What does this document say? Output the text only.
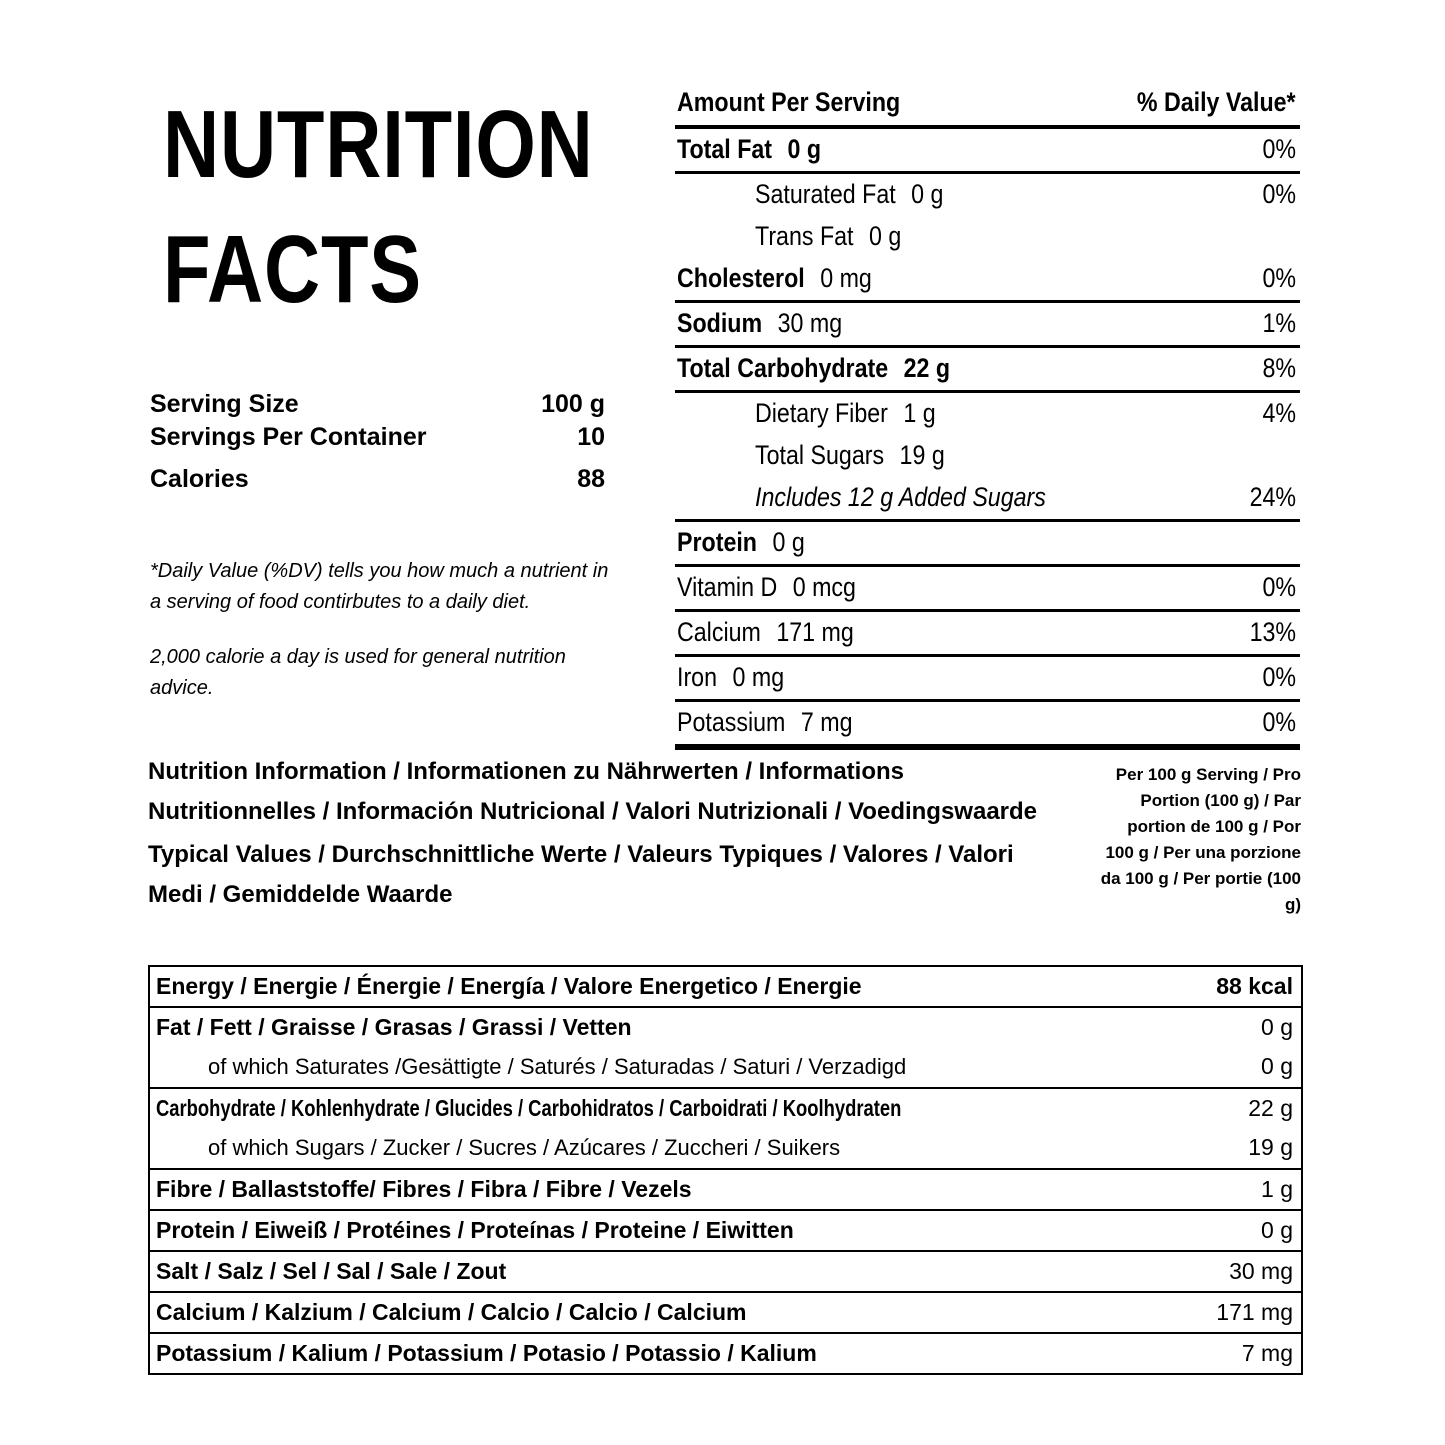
NUTRITION
FACTS
Serving Size	100 g
Servings Per Container	10
Calories	88
*Daily Value (%DV) tells you how much a nutrient in a serving of food contirbutes to a daily diet.
2,000 calorie a day is used for general nutrition advice.
Amount Per Serving	% Daily Value*
Total Fat 0 g	0%
Saturated Fat 0 g	0%
Trans Fat 0 g
Cholesterol 0 mg	0%
Sodium 30 mg	1%
Total Carbohydrate 22 g	8%
Dietary Fiber 1 g	4%
Total Sugars 19 g
Includes 12 g Added Sugars	24%
Protein 0 g
Vitamin D 0 mcg	0%
Calcium 171 mg	13%
Iron 0 mg	0%
Potassium 7 mg	0%
Nutrition Information / Informationen zu Nährwerten / Informations Nutritionnelles / Información Nutricional / Valori Nutrizionali / Voedingswaarde
Typical Values / Durchschnittliche Werte / Valeurs Typiques / Valores / Valori Medi / Gemiddelde Waarde
Per 100 g Serving / Pro Portion (100 g) / Par portion de 100 g / Por 100 g / Per una porzione da 100 g / Per portie (100 g)
Energy / Energie / Énergie / Energía / Valore Energetico / Energie	88 kcal
Fat / Fett / Graisse / Grasas / Grassi / Vetten	0 g
of which Saturates /Gesättigte / Saturés / Saturadas / Saturi / Verzadigd	0 g
Carbohydrate / Kohlenhydrate / Glucides / Carbohidratos / Carboidrati / Koolhydraten	22 g
of which Sugars / Zucker / Sucres / Azúcares / Zuccheri / Suikers	19 g
Fibre / Ballaststoffe/ Fibres / Fibra / Fibre / Vezels	1 g
Protein / Eiweiß / Protéines / Proteínas / Proteine / Eiwitten	0 g
Salt / Salz / Sel / Sal / Sale / Zout	30 mg
Calcium / Kalzium / Calcium / Calcio / Calcio / Calcium	171 mg
Potassium / Kalium / Potassium / Potasio / Potassio / Kalium	7 mg
